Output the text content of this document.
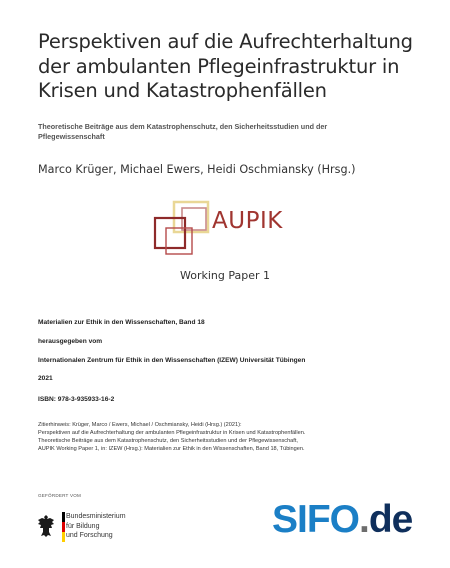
Perspektiven auf die Aufrechterhaltung
der ambulanten Pflegeinfrastruktur in
Krisen und Katastrophenfällen
Theoretische Beiträge aus dem Katastrophenschutz, den Sicherheitsstudien und der Pflegewissenschaft
Marco Krüger, Michael Ewers, Heidi Oschmiansky (Hrsg.)
AUPIK
Working Paper 1
Materialien zur Ethik in den Wissenschaften, Band 18
herausgegeben vom
Internationalen Zentrum für Ethik in den Wissenschaften (IZEW) Universität Tübingen
2021
ISBN: 978-3-935933-16-2
Zitierhinweis: Krüger, Marco / Ewers, Michael / Oschmiansky, Heidi (Hrsg.) (2021):
Perspektiven auf die Aufrechterhaltung der ambulanten Pflegeinfrastruktur in Krisen und Katastrophenfällen.
Theoretische Beiträge aus dem Katastrophenschutz, den Sicherheitsstudien und der Pflegewissenschaft,
AUPIK Working Paper 1, in: IZEW (Hrsg.): Materialien zur Ethik in den Wissenschaften, Band 18, Tübingen.
GEFÖRDERT VOM
Bundesministerium
für Bildung
und Forschung	SIFO.de
